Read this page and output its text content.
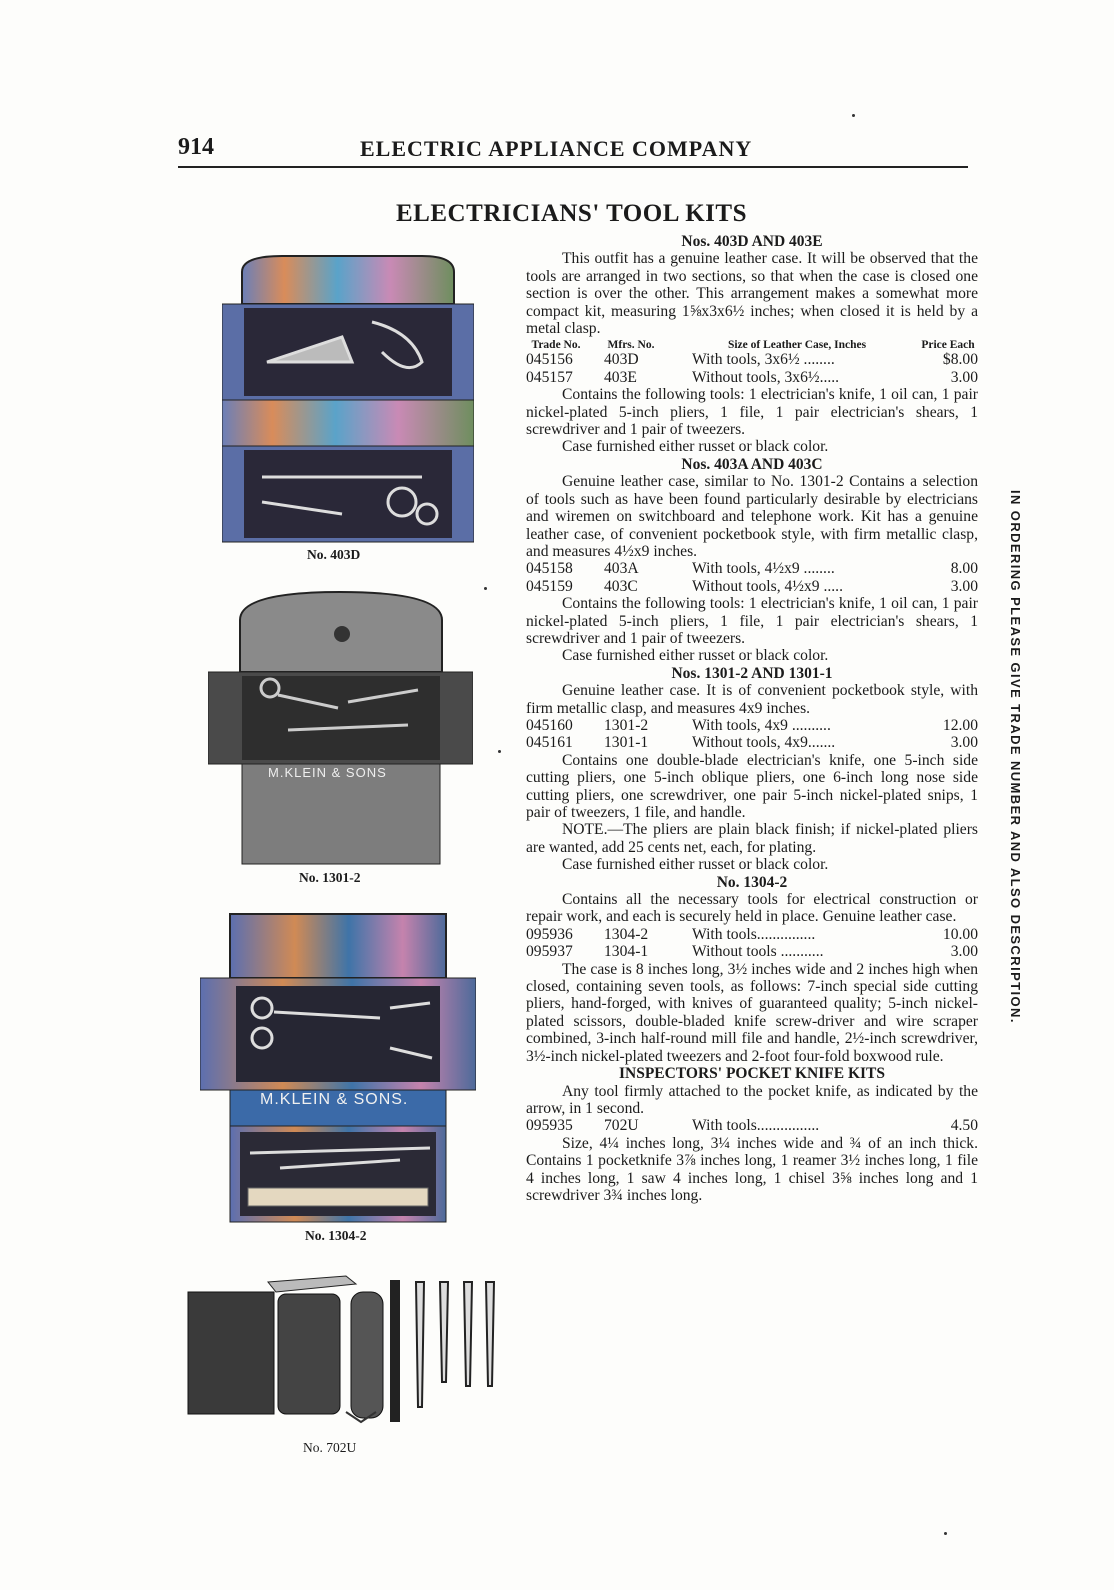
914	ELECTRIC APPLIANCE COMPANY
ELECTRICIANS' TOOL KITS
No. 403D
M.KLEIN & SONS
No. 1301-2
M.KLEIN & SONS.
No. 1304-2
No. 702U
IN ORDERING PLEASE GIVE TRADE NUMBER AND ALSO DESCRIPTION.

Nos. 403D AND 403E

This outfit has a genuine leather case. It will be observed that the tools are arranged in two sections, so that when the case is closed one section is over the other. This arrangement makes a somewhat more compact kit, measuring 1⅝x3x6½ inches; when closed it is held by a metal clasp.

Trade No.	Mfrs. No.	Size of Leather Case, Inches	Price Each
045156	403D	With tools, 3x6½ ........	$8.00
045157	403E	Without tools, 3x6½.....	3.00

Contains the following tools: 1 electrician's knife, 1 oil can, 1 pair nickel-plated 5-inch pliers, 1 file, 1 pair electrician's shears, 1 screwdriver and 1 pair of tweezers.

Case furnished either russet or black color.

Nos. 403A AND 403C

Genuine leather case, similar to No. 1301-2 Contains a selection of tools such as have been found particularly desirable by electricians and wiremen on switchboard and telephone work. Kit has a genuine leather case, of convenient pocketbook style, with firm metallic clasp, and measures 4½x9 inches.

045158	403A	With tools, 4½x9 ........	8.00
045159	403C	Without tools, 4½x9 .....	3.00

Contains the following tools: 1 electrician's knife, 1 oil can, 1 pair nickel-plated 5-inch pliers, 1 file, 1 pair electrician's shears, 1 screwdriver and 1 pair of tweezers.

Case furnished either russet or black color.

Nos. 1301-2 AND 1301-1

Genuine leather case. It is of convenient pocketbook style, with firm metallic clasp, and measures 4x9 inches.

045160	1301-2	With tools, 4x9 ..........	12.00
045161	1301-1	Without tools, 4x9.......	3.00

Contains one double-blade electrician's knife, one 5-inch side cutting pliers, one 5-inch oblique pliers, one 6-inch long nose side cutting pliers, one screwdriver, one pair 5-inch nickel-plated snips, 1 pair of tweezers, 1 file, and handle.

NOTE.—The pliers are plain black finish; if nickel-plated pliers are wanted, add 25 cents net, each, for plating.

Case furnished either russet or black color.

No. 1304-2

Contains all the necessary tools for electrical construction or repair work, and each is securely held in place. Genuine leather case.

095936	1304-2	With tools...............	10.00
095937	1304-1	Without tools ...........	3.00

The case is 8 inches long, 3½ inches wide and 2 inches high when closed, containing seven tools, as follows: 7-inch special side cutting pliers, hand-forged, with knives of guaranteed quality; 5-inch nickel-plated scissors, double-bladed knife screw-driver and wire scraper combined, 3-inch half-round mill file and handle, 2½-inch screwdriver, 3½-inch nickel-plated tweezers and 2-foot four-fold boxwood rule.

INSPECTORS' POCKET KNIFE KITS

Any tool firmly attached to the pocket knife, as indicated by the arrow, in 1 second.

095935	702U	With tools................	4.50

Size, 4¼ inches long, 3¼ inches wide and ¾ of an inch thick. Contains 1 pocketknife 3⅞ inches long, 1 reamer 3½ inches long, 1 file 4 inches long, 1 saw 4 inches long, 1 chisel 3⅝ inches long and 1 screwdriver 3¾ inches long.
